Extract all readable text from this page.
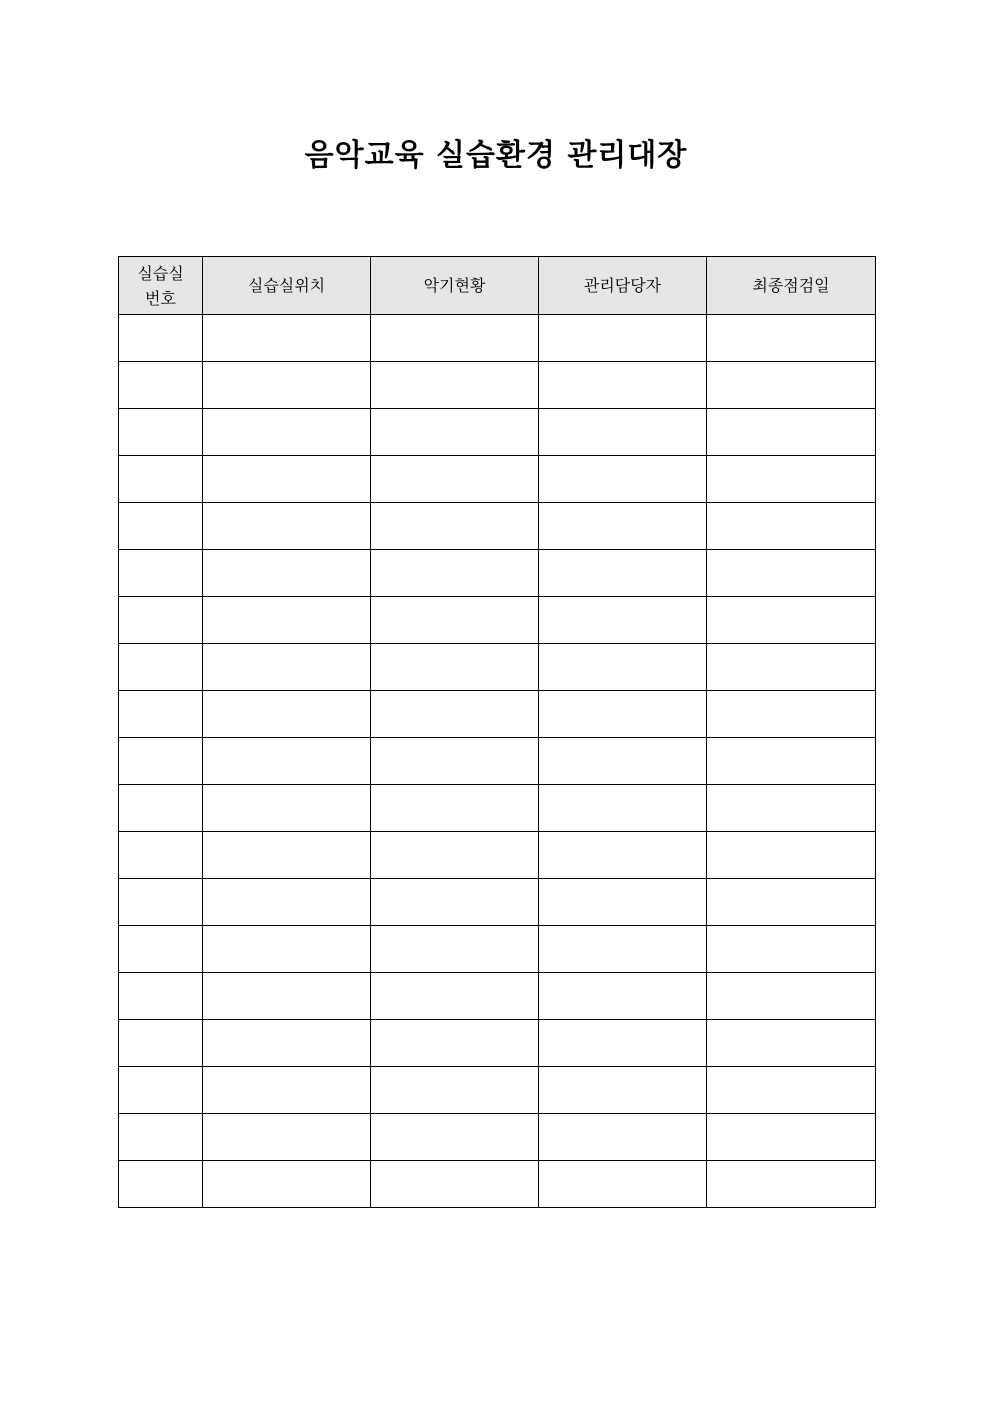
음악교육 실습환경 관리대장
실습실
번호	실습실위치	악기현황	관리담당자	최종점검일
